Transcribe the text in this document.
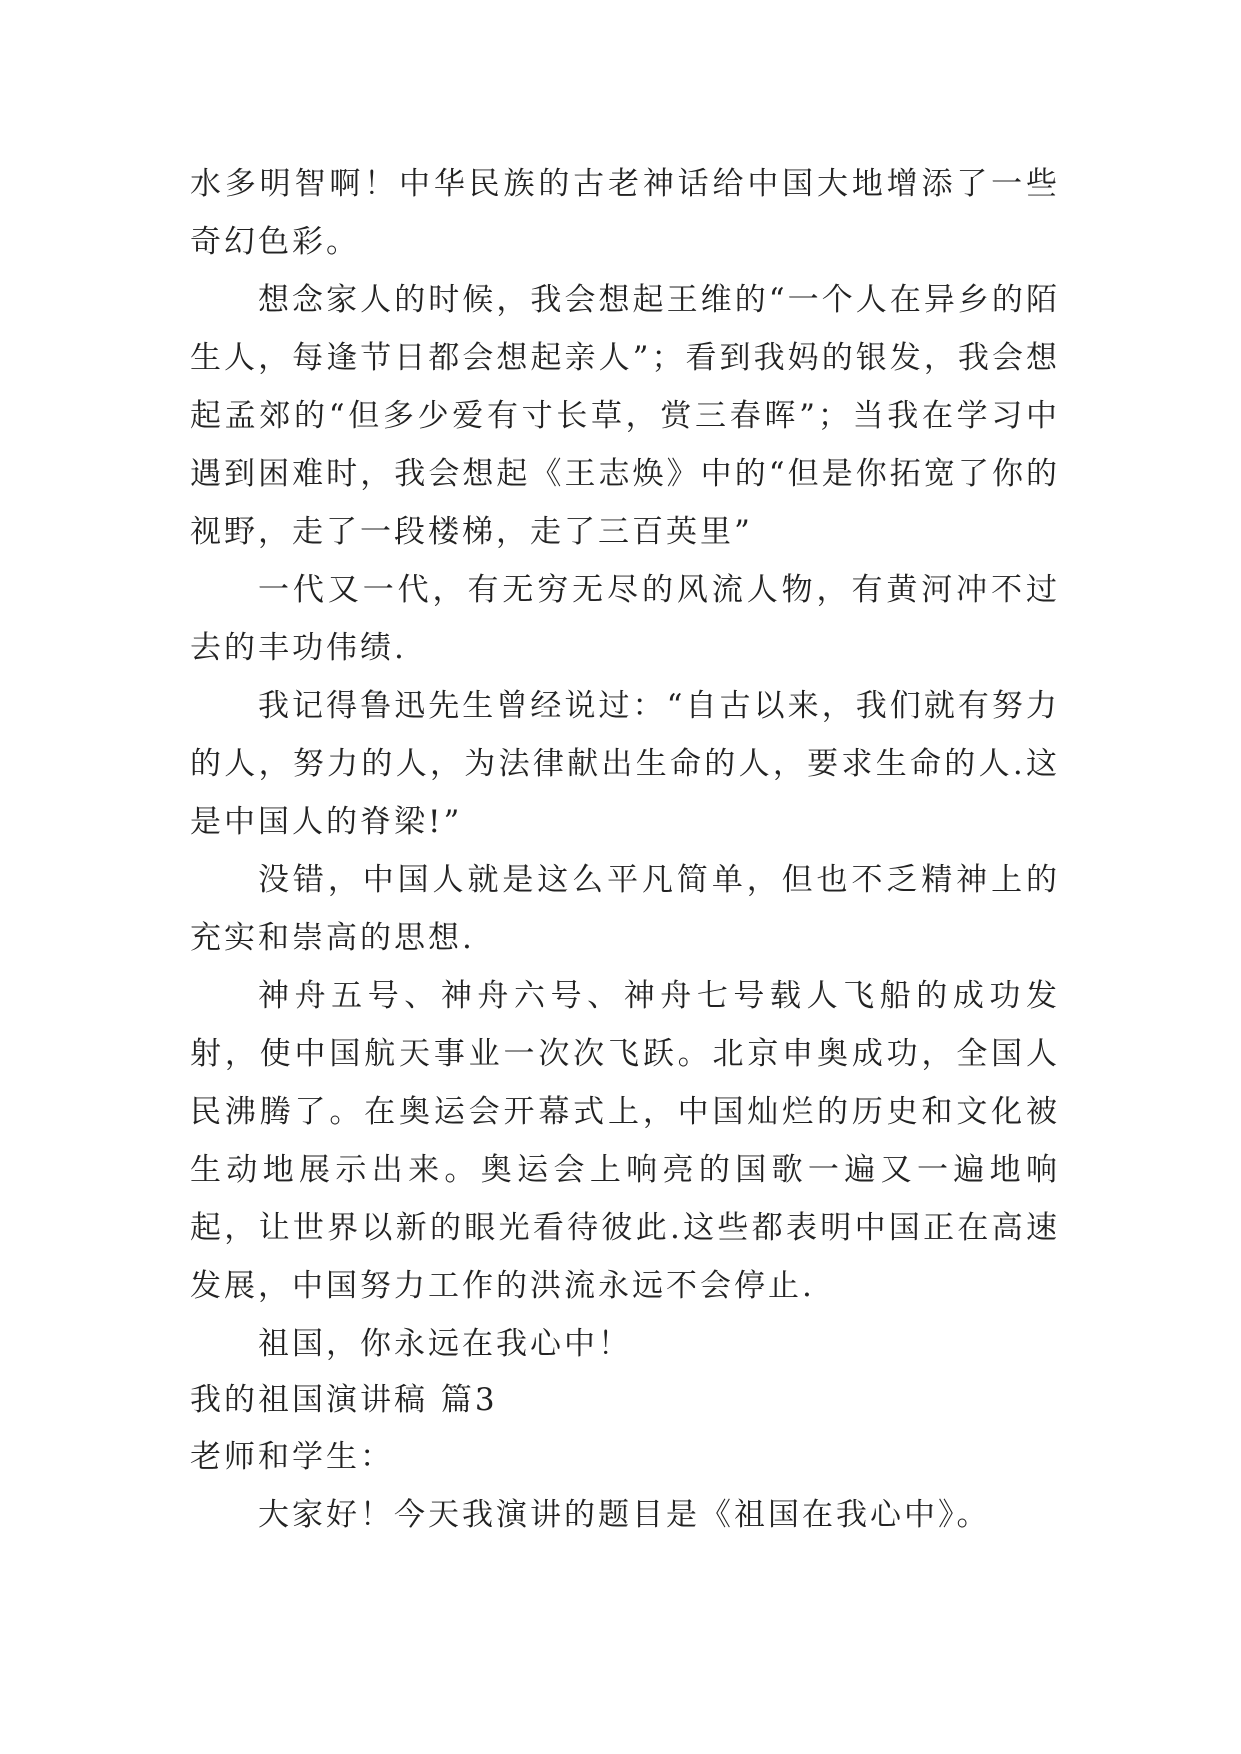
水多明智啊！中华民族的古老神话给中国大地增添了一些奇幻色彩。

想念家人的时候，我会想起王维的“一个人在异乡的陌生人，每逢节日都会想起亲人”；看到我妈的银发，我会想起孟郊的“但多少爱有寸长草，赏三春晖”；当我在学习中遇到困难时，我会想起《王志焕》中的“但是你拓宽了你的视野，走了一段楼梯，走了三百英里”

一代又一代，有无穷无尽的风流人物，有黄河冲不过去的丰功伟绩.

我记得鲁迅先生曾经说过：“自古以来，我们就有努力的人，努力的人，为法律献出生命的人，要求生命的人.这是中国人的脊梁!”

没错，中国人就是这么平凡简单，但也不乏精神上的充实和崇高的思想.

神舟五号、神舟六号、神舟七号载人飞船的成功发射，使中国航天事业一次次飞跃。北京申奥成功，全国人民沸腾了。在奥运会开幕式上，中国灿烂的历史和文化被生动地展示出来。奥运会上响亮的国歌一遍又一遍地响起，让世界以新的眼光看待彼此.这些都表明中国正在高速发展，中国努力工作的洪流永远不会停止.

祖国，你永远在我心中！

我的祖国演讲稿 篇3

老师和学生：

大家好！今天我演讲的题目是《祖国在我心中》。
